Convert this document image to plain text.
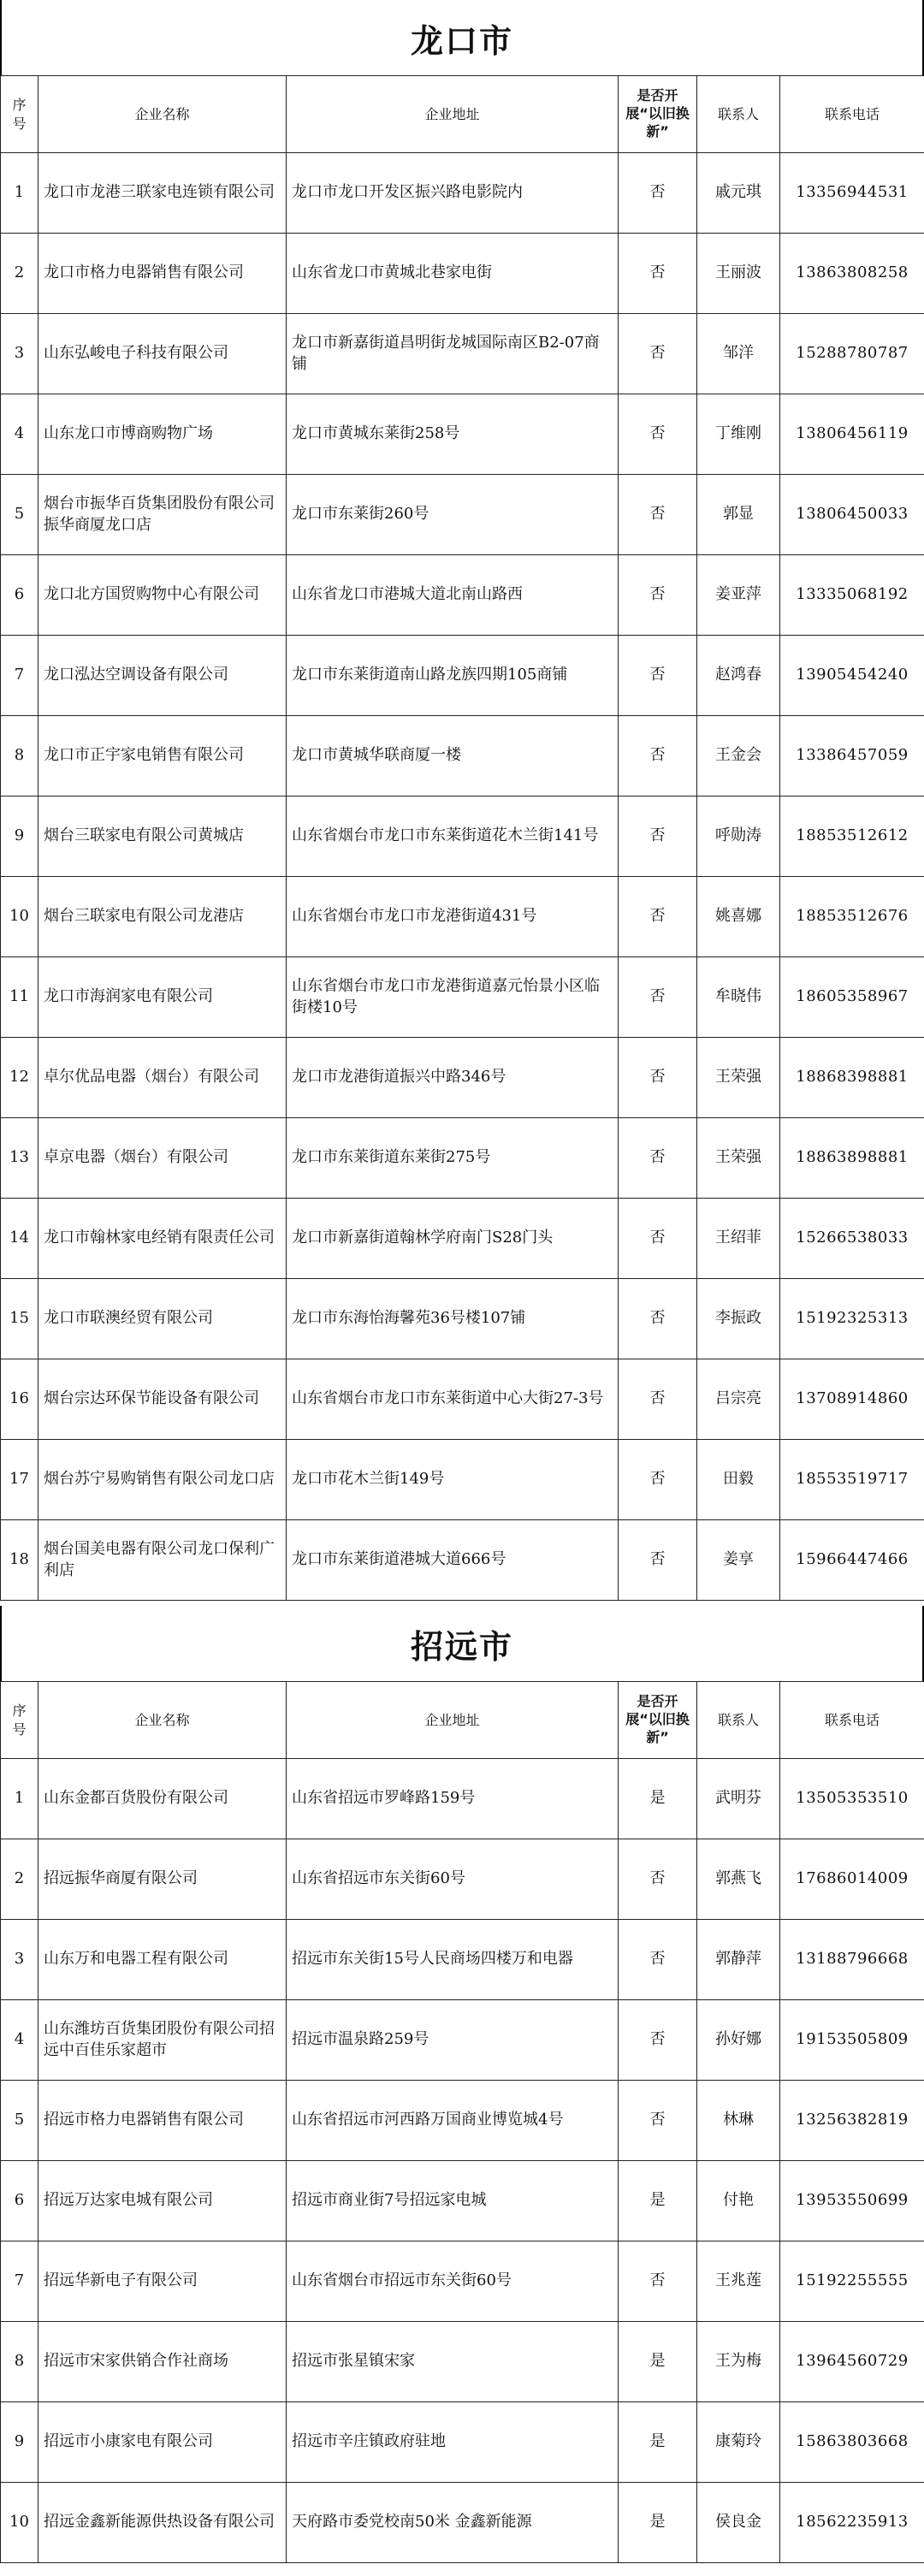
龙口市
序号	企业名称	企业地址	是否开展“以旧换新”	联系人	联系电话
1	龙口市龙港三联家电连锁有限公司	龙口市龙口开发区振兴路电影院内	否	戚元琪	13356944531
2	龙口市格力电器销售有限公司	山东省龙口市黄城北巷家电街	否	王丽波	13863808258
3	山东弘峻电子科技有限公司	龙口市新嘉街道昌明街龙城国际南区B2-07商铺	否	邹洋	15288780787
4	山东龙口市博商购物广场	龙口市黄城东莱街258号	否	丁维刚	13806456119
5	烟台市振华百货集团股份有限公司振华商厦龙口店	龙口市东莱街260号	否	郭显	13806450033
6	龙口北方国贸购物中心有限公司	山东省龙口市港城大道北南山路西	否	姜亚萍	13335068192
7	龙口泓达空调设备有限公司	龙口市东莱街道南山路龙族四期105商铺	否	赵鸿春	13905454240
8	龙口市正宇家电销售有限公司	龙口市黄城华联商厦一楼	否	王金会	13386457059
9	烟台三联家电有限公司黄城店	山东省烟台市龙口市东莱街道花木兰街141号	否	呼勋涛	18853512612
10	烟台三联家电有限公司龙港店	山东省烟台市龙口市龙港街道431号	否	姚喜娜	18853512676
11	龙口市海润家电有限公司	山东省烟台市龙口市龙港街道嘉元怡景小区临街楼10号	否	牟晓伟	18605358967
12	卓尔优品电器（烟台）有限公司	龙口市龙港街道振兴中路346号	否	王荣强	18868398881
13	卓京电器（烟台）有限公司	龙口市东莱街道东莱街275号	否	王荣强	18863898881
14	龙口市翰林家电经销有限责任公司	龙口市新嘉街道翰林学府南门S28门头	否	王绍菲	15266538033
15	龙口市联澳经贸有限公司	龙口市东海怡海馨苑36号楼107铺	否	李振政	15192325313
16	烟台宗达环保节能设备有限公司	山东省烟台市龙口市东莱街道中心大街27-3号	否	吕宗亮	13708914860
17	烟台苏宁易购销售有限公司龙口店	龙口市花木兰街149号	否	田毅	18553519717
18	烟台国美电器有限公司龙口保利广利店	龙口市东莱街道港城大道666号	否	姜享	15966447466
招远市
序号	企业名称	企业地址	是否开展“以旧换新”	联系人	联系电话
1	山东金都百货股份有限公司	山东省招远市罗峰路159号	是	武明芬	13505353510
2	招远振华商厦有限公司	山东省招远市东关街60号	否	郭燕飞	17686014009
3	山东万和电器工程有限公司	招远市东关街15号人民商场四楼万和电器	否	郭静萍	13188796668
4	山东潍坊百货集团股份有限公司招远中百佳乐家超市	招远市温泉路259号	否	孙好娜	19153505809
5	招远市格力电器销售有限公司	山东省招远市河西路万国商业博览城4号	否	林琳	13256382819
6	招远万达家电城有限公司	招远市商业街7号招远家电城	是	付艳	13953550699
7	招远华新电子有限公司	山东省烟台市招远市东关街60号	否	王兆莲	15192255555
8	招远市宋家供销合作社商场	招远市张星镇宋家	是	王为梅	13964560729
9	招远市小康家电有限公司	招远市辛庄镇政府驻地	是	康菊玲	15863803668
10	招远金鑫新能源供热设备有限公司	天府路市委党校南50米 金鑫新能源	是	侯良金	18562235913
